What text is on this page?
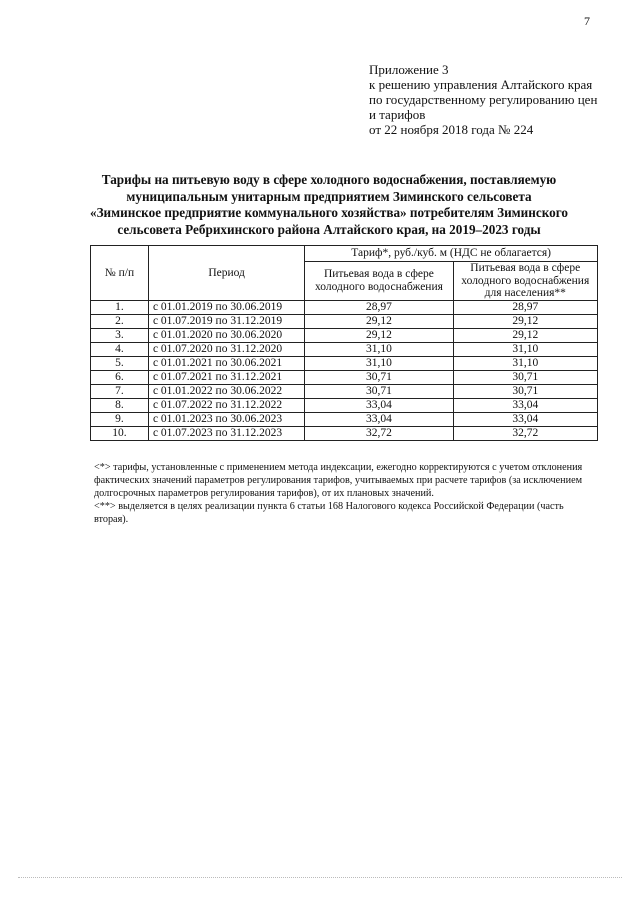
7
Приложение 3
к решению управления Алтайского края
по государственному регулированию цен
и тарифов
от 22 ноября 2018 года № 224
Тарифы на питьевую воду в сфере холодного водоснабжения, поставляемую муниципальным унитарным предприятием Зиминского сельсовета «Зиминское предприятие коммунального хозяйства» потребителям Зиминского сельсовета Ребрихинского района Алтайского края, на 2019–2023 годы
№ п/п	Период	Тариф*, руб./куб. м (НДС не облагается)	
		Питьевая вода в сфере холодного водоснабжения	Питьевая вода в сфере холодного водоснабжения для населения**
1.	с 01.01.2019 по 30.06.2019	28,97	28,97
2.	с 01.07.2019 по 31.12.2019	29,12	29,12
3.	с 01.01.2020 по 30.06.2020	29,12	29,12
4.	с 01.07.2020 по 31.12.2020	31,10	31,10
5.	с 01.01.2021 по 30.06.2021	31,10	31,10
6.	с 01.07.2021 по 31.12.2021	30,71	30,71
7.	с 01.01.2022 по 30.06.2022	30,71	30,71
8.	с 01.07.2022 по 31.12.2022	33,04	33,04
9.	с 01.01.2023 по 30.06.2023	33,04	33,04
10.	с 01.07.2023 по 31.12.2023	32,72	32,72

<*> тарифы, установленные с применением метода индексации, ежегодно корректируются с учетом отклонения фактических значений параметров регулирования тарифов, учитываемых при расчете тарифов (за исключением долгосрочных параметров регулирования тарифов), от их плановых значений.

<**> выделяется в целях реализации пункта 6 статьи 168 Налогового кодекса Российской Федерации (часть вторая).
